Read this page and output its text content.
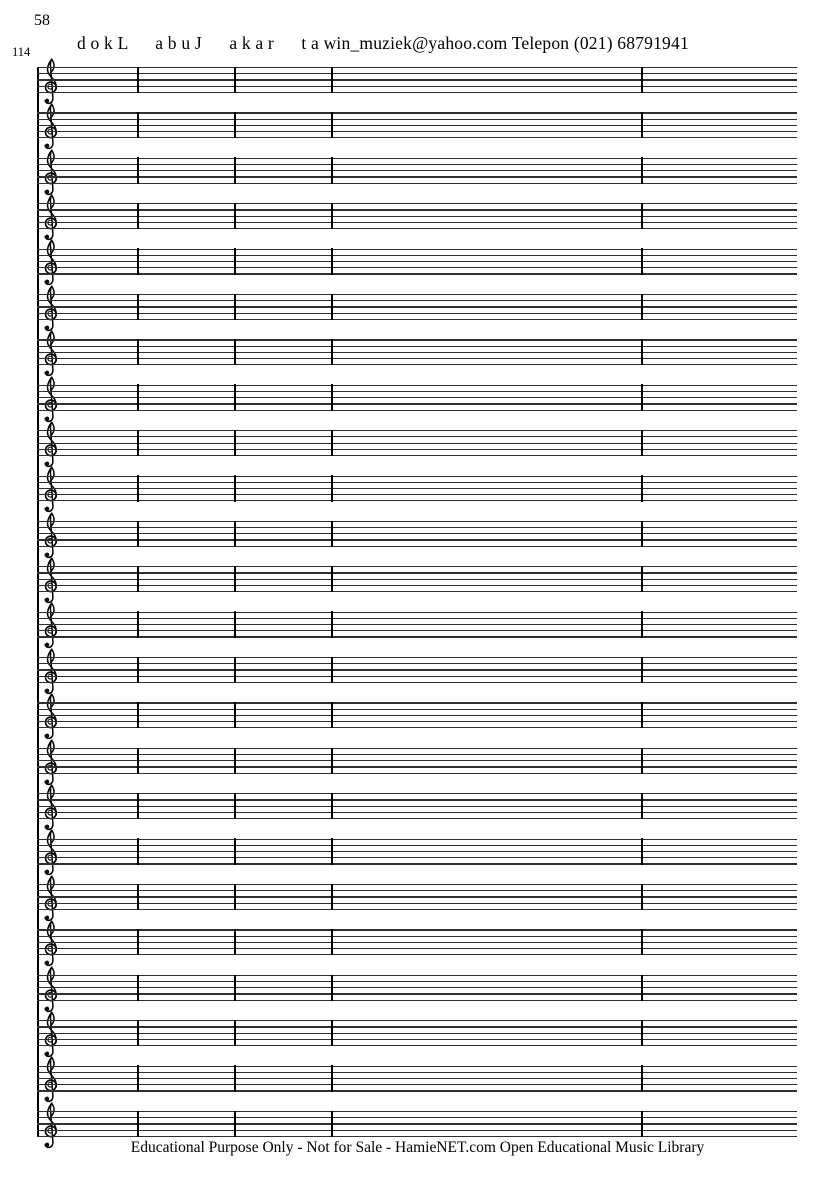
58
114	d o k L      a b u J      a k a r      t a win_muziek@yahoo.com Telepon (021) 68791941
Educational Purpose Only - Not for Sale - HamieNET.com Open Educational Music Library
